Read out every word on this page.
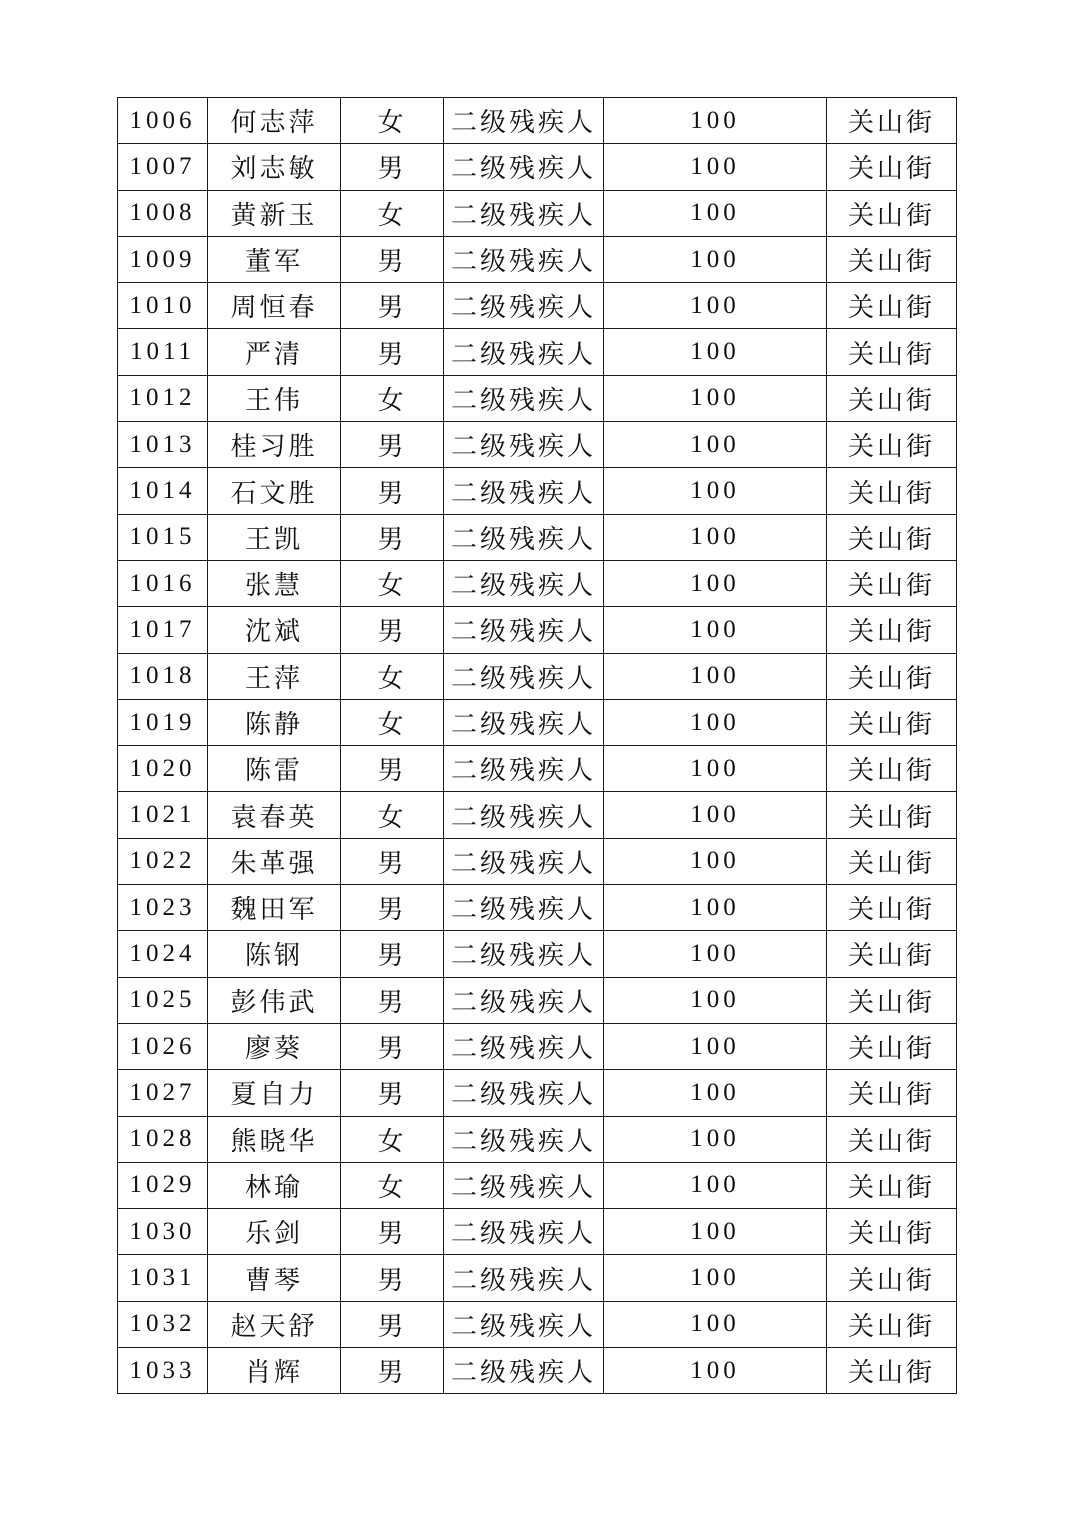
1006	何志萍	女	二级残疾人	100	关山街
1007	刘志敏	男	二级残疾人	100	关山街
1008	黄新玉	女	二级残疾人	100	关山街
1009	董军	男	二级残疾人	100	关山街
1010	周恒春	男	二级残疾人	100	关山街
1011	严清	男	二级残疾人	100	关山街
1012	王伟	女	二级残疾人	100	关山街
1013	桂习胜	男	二级残疾人	100	关山街
1014	石文胜	男	二级残疾人	100	关山街
1015	王凯	男	二级残疾人	100	关山街
1016	张慧	女	二级残疾人	100	关山街
1017	沈斌	男	二级残疾人	100	关山街
1018	王萍	女	二级残疾人	100	关山街
1019	陈静	女	二级残疾人	100	关山街
1020	陈雷	男	二级残疾人	100	关山街
1021	袁春英	女	二级残疾人	100	关山街
1022	朱革强	男	二级残疾人	100	关山街
1023	魏田军	男	二级残疾人	100	关山街
1024	陈钢	男	二级残疾人	100	关山街
1025	彭伟武	男	二级残疾人	100	关山街
1026	廖葵	男	二级残疾人	100	关山街
1027	夏自力	男	二级残疾人	100	关山街
1028	熊晓华	女	二级残疾人	100	关山街
1029	林瑜	女	二级残疾人	100	关山街
1030	乐剑	男	二级残疾人	100	关山街
1031	曹琴	男	二级残疾人	100	关山街
1032	赵天舒	男	二级残疾人	100	关山街
1033	肖辉	男	二级残疾人	100	关山街
